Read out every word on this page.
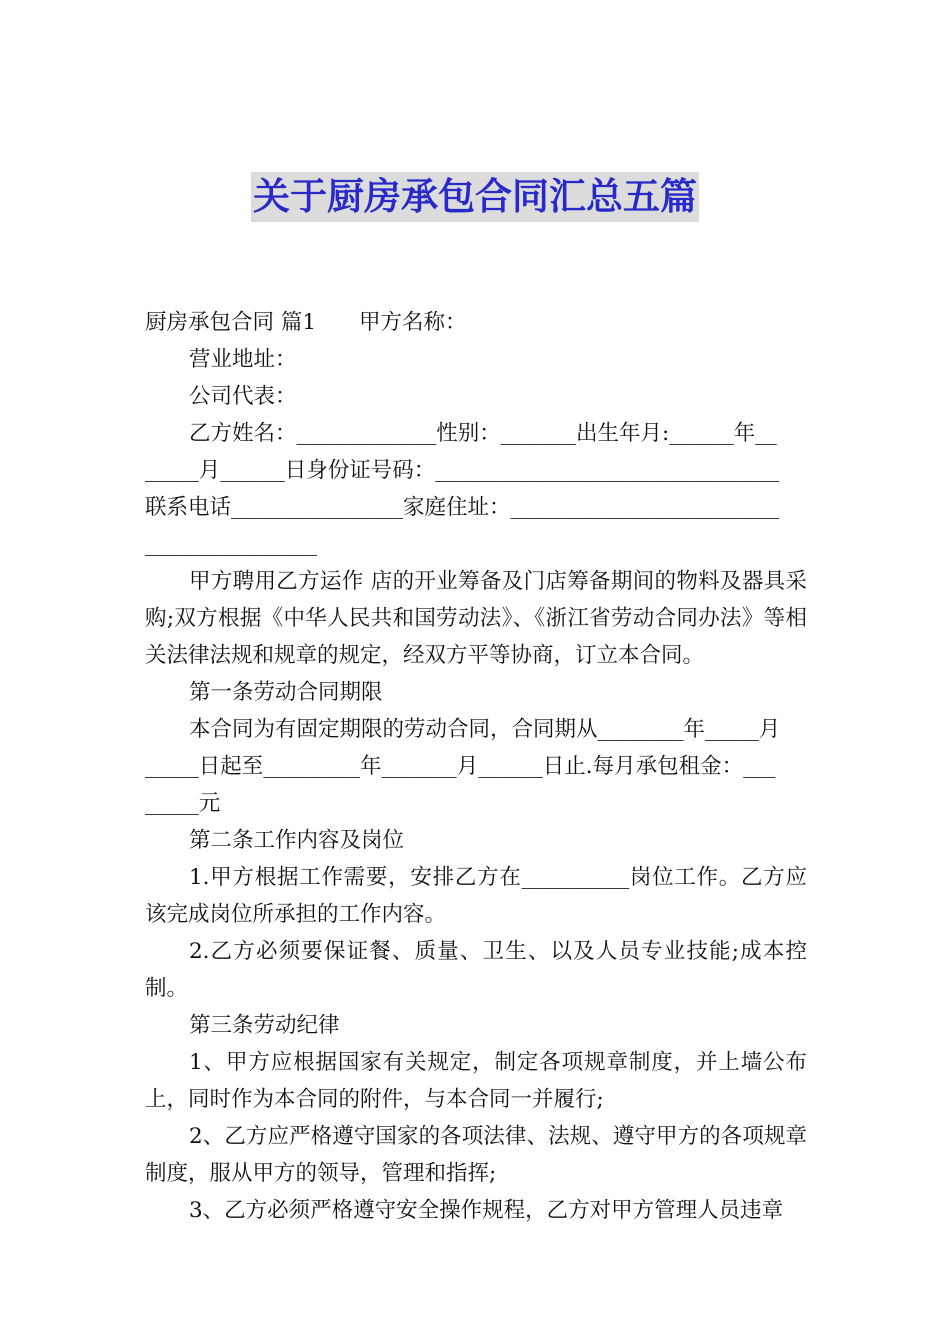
关于厨房承包合同汇总五篇

厨房承包合同 篇1　　甲方名称：

营业地址：

公司代表：

乙方姓名：_____________性别：_______出生年月:______年__
_____月______日身份证号码：________________________________
联系电话________________家庭住址：_________________________
________________

甲方聘用乙方运作 店的开业筹备及门店筹备期间的物料及器具采购;双方根据《中华人民共和国劳动法》、《浙江省劳动合同办法》等相关法律法规和规章的规定，经双方平等协商，订立本合同。

第一条劳动合同期限

本合同为有固定期限的劳动合同，合同期从________年_____月
_____日起至_________年_______月______日止.每月承包租金：___
_____元

第二条工作内容及岗位

1.甲方根据工作需要，安排乙方在__________岗位工作。乙方应该完成岗位所承担的工作内容。

2.乙方必须要保证餐、质量、卫生、以及人员专业技能;成本控制。

第三条劳动纪律

1、甲方应根据国家有关规定，制定各项规章制度，并上墙公布上，同时作为本合同的附件，与本合同一并履行;

2、乙方应严格遵守国家的各项法律、法规、遵守甲方的各项规章制度，服从甲方的领导，管理和指挥;

3、乙方必须严格遵守安全操作规程，乙方对甲方管理人员违章
